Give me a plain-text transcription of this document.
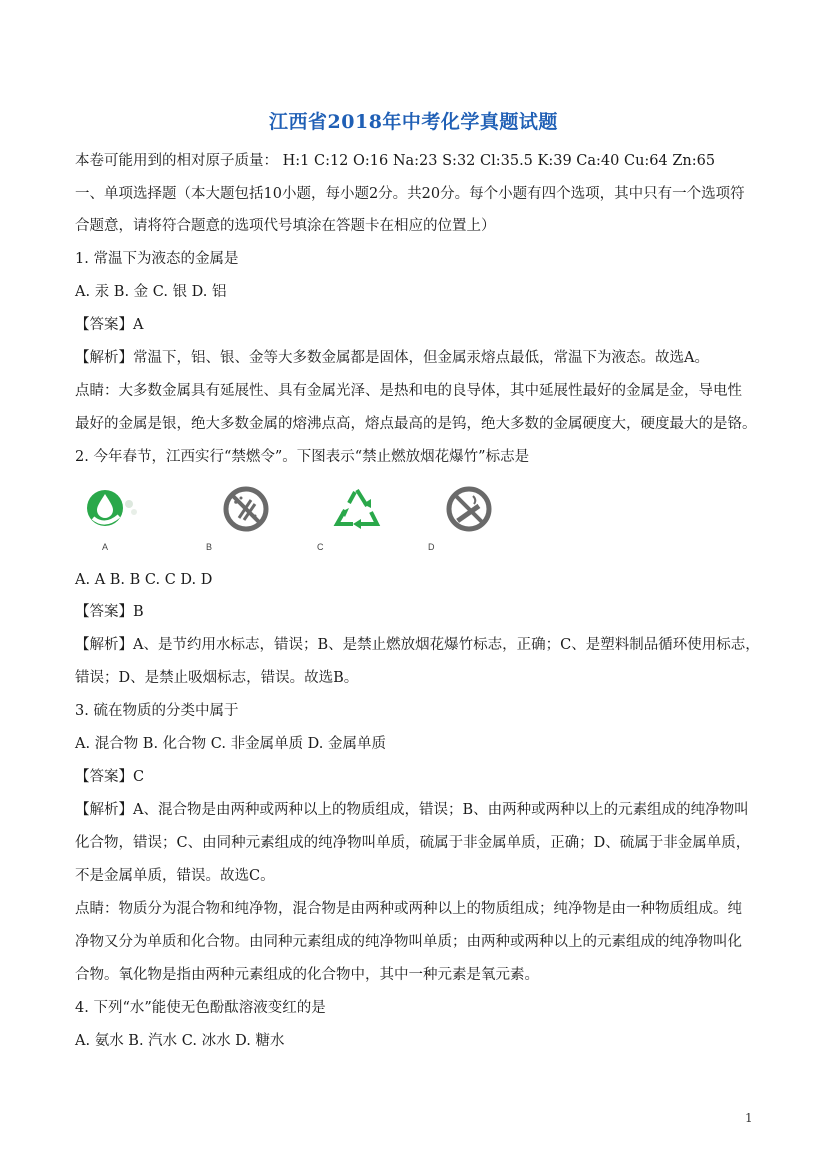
江西省2018年中考化学真题试题
本卷可能用到的相对原子质量： H:1 C:12 O:16 Na:23 S:32 Cl:35.5 K:39 Ca:40 Cu:64 Zn:65
一、单项选择题（本大题包括10小题，每小题2分。共20分。每个小题有四个选项，其中只有一个选项符
合题意，请将符合题意的选项代号填涂在答题卡在相应的位置上）
1. 常温下为液态的金属是
A. 汞 B. 金 C. 银 D. 铝
【答案】A
【解析】常温下，铝、银、金等大多数金属都是固体，但金属汞熔点最低，常温下为液态。故选A。
点睛：大多数金属具有延展性、具有金属光泽、是热和电的良导体，其中延展性最好的金属是金，导电性
最好的金属是银，绝大多数金属的熔沸点高，熔点最高的是钨，绝大多数的金属硬度大，硬度最大的是铬。
2. 今年春节，江西实行“禁燃令”。下图表示“禁止燃放烟花爆竹”标志是
A	B	C	D
A. A B. B C. C D. D
【答案】B
【解析】A、是节约用水标志，错误；B、是禁止燃放烟花爆竹标志，正确；C、是塑料制品循环使用标志，
错误；D、是禁止吸烟标志，错误。故选B。
3. 硫在物质的分类中属于
A. 混合物 B. 化合物 C. 非金属单质 D. 金属单质
【答案】C
【解析】A、混合物是由两种或两种以上的物质组成，错误；B、由两种或两种以上的元素组成的纯净物叫
化合物，错误；C、由同种元素组成的纯净物叫单质，硫属于非金属单质，正确；D、硫属于非金属单质，
不是金属单质，错误。故选C。
点睛：物质分为混合物和纯净物，混合物是由两种或两种以上的物质组成；纯净物是由一种物质组成。纯
净物又分为单质和化合物。由同种元素组成的纯净物叫单质；由两种或两种以上的元素组成的纯净物叫化
合物。氧化物是指由两种元素组成的化合物中，其中一种元素是氧元素。
4. 下列“水”能使无色酚酞溶液变红的是
A. 氨水 B. 汽水 C. 冰水 D. 糖水
1
